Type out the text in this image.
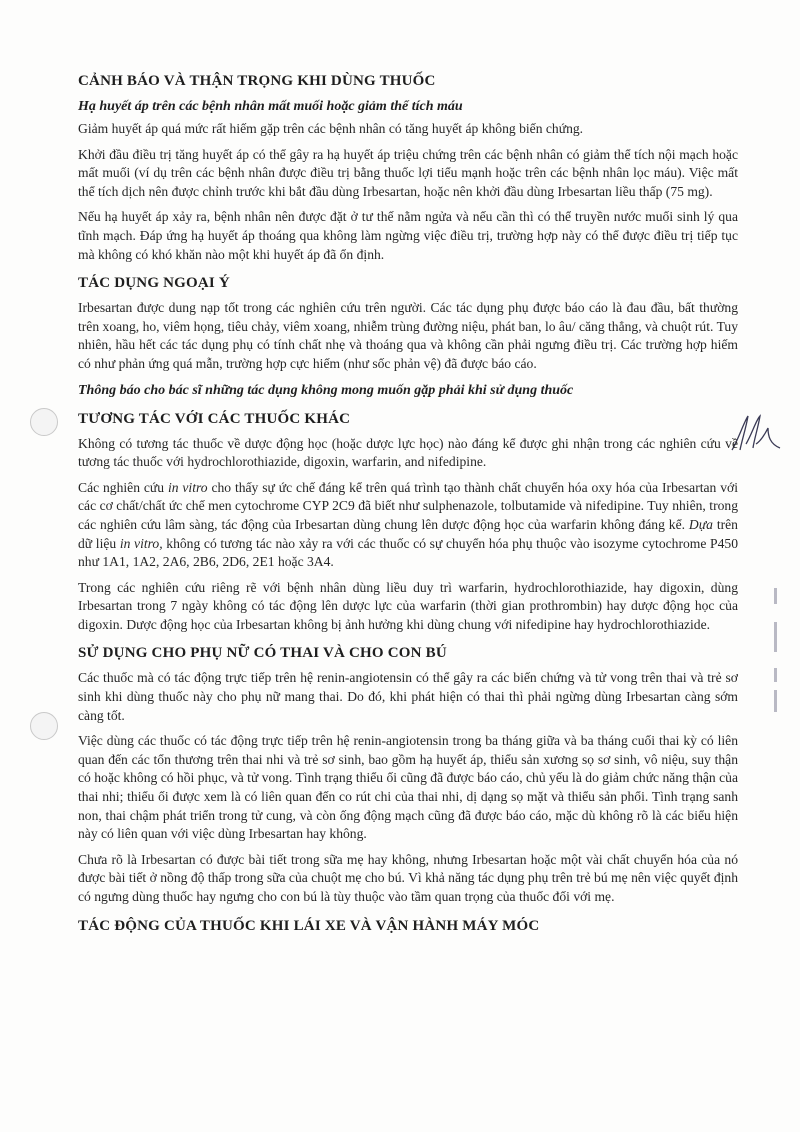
CẢNH BÁO VÀ THẬN TRỌNG KHI DÙNG THUỐC
Hạ huyết áp trên các bệnh nhân mất muối hoặc giảm thể tích máu

Giảm huyết áp quá mức rất hiếm gặp trên các bệnh nhân có tăng huyết áp không biến chứng.

Khởi đầu điều trị tăng huyết áp có thể gây ra hạ huyết áp triệu chứng trên các bệnh nhân có giảm thể tích nội mạch hoặc mất muối (ví dụ trên các bệnh nhân được điều trị bằng thuốc lợi tiểu mạnh hoặc trên các bệnh nhân lọc máu). Việc mất thể tích dịch nên được chỉnh trước khi bắt đầu dùng Irbesartan, hoặc nên khởi đầu dùng Irbesartan liều thấp (75 mg).

Nếu hạ huyết áp xảy ra, bệnh nhân nên được đặt ở tư thế nằm ngửa và nếu cần thì có thể truyền nước muối sinh lý qua tĩnh mạch. Đáp ứng hạ huyết áp thoáng qua không làm ngừng việc điều trị, trường hợp này có thể được điều trị tiếp tục mà không có khó khăn nào một khi huyết áp đã ổn định.

TÁC DỤNG NGOẠI Ý

Irbesartan được dung nạp tốt trong các nghiên cứu trên người. Các tác dụng phụ được báo cáo là đau đầu, bất thường trên xoang, ho, viêm họng, tiêu chảy, viêm xoang, nhiễm trùng đường niệu, phát ban, lo âu/ căng thẳng, và chuột rút. Tuy nhiên, hầu hết các tác dụng phụ có tính chất nhẹ và thoáng qua và không cần phải ngưng điều trị. Các trường hợp hiếm có như phản ứng quá mẫn, trường hợp cực hiếm (như sốc phản vệ) đã được báo cáo.

Thông báo cho bác sĩ những tác dụng không mong muốn gặp phải khi sử dụng thuốc
TƯƠNG TÁC VỚI CÁC THUỐC KHÁC

Không có tương tác thuốc về dược động học (hoặc dược lực học) nào đáng kể được ghi nhận trong các nghiên cứu về tương tác thuốc với hydrochlorothiazide, digoxin, warfarin, and nifedipine.

Các nghiên cứu in vitro cho thấy sự ức chế đáng kể trên quá trình tạo thành chất chuyển hóa oxy hóa của Irbesartan với các cơ chất/chất ức chế men cytochrome CYP 2C9 đã biết như sulphenazole, tolbutamide và nifedipine. Tuy nhiên, trong các nghiên cứu lâm sàng, tác động của Irbesartan dùng chung lên dược động học của warfarin không đáng kể. Dựa trên dữ liệu in vitro, không có tương tác nào xảy ra với các thuốc có sự chuyển hóa phụ thuộc vào isozyme cytochrome P450 như 1A1, 1A2, 2A6, 2B6, 2D6, 2E1 hoặc 3A4.

Trong các nghiên cứu riêng rẽ với bệnh nhân dùng liều duy trì warfarin, hydrochlorothiazide, hay digoxin, dùng Irbesartan trong 7 ngày không có tác động lên dược lực của warfarin (thời gian prothrombin) hay dược động học của digoxin. Dược động học của Irbesartan không bị ảnh hưởng khi dùng chung với nifedipine hay hydrochlorothiazide.

SỬ DỤNG CHO PHỤ NỮ CÓ THAI VÀ CHO CON BÚ

Các thuốc mà có tác động trực tiếp trên hệ renin-angiotensin có thể gây ra các biến chứng và tử vong trên thai và trẻ sơ sinh khi dùng thuốc này cho phụ nữ mang thai. Do đó, khi phát hiện có thai thì phải ngừng dùng Irbesartan càng sớm càng tốt.

Việc dùng các thuốc có tác động trực tiếp trên hệ renin-angiotensin trong ba tháng giữa và ba tháng cuối thai kỳ có liên quan đến các tổn thương trên thai nhi và trẻ sơ sinh, bao gồm hạ huyết áp, thiểu sản xương sọ sơ sinh, vô niệu, suy thận có hoặc không có hồi phục, và tử vong. Tình trạng thiểu ối cũng đã được báo cáo, chủ yếu là do giảm chức năng thận của thai nhi; thiểu ối được xem là có liên quan đến co rút chi của thai nhi, dị dạng sọ mặt và thiểu sản phổi. Tình trạng sanh non, thai chậm phát triển trong tử cung, và còn ống động mạch cũng đã được báo cáo, mặc dù không rõ là các biểu hiện này có liên quan với việc dùng Irbesartan hay không.

Chưa rõ là Irbesartan có được bài tiết trong sữa mẹ hay không, nhưng Irbesartan hoặc một vài chất chuyển hóa của nó được bài tiết ở nồng độ thấp trong sữa của chuột mẹ cho bú. Vì khả năng tác dụng phụ trên trẻ bú mẹ nên việc quyết định có ngưng dùng thuốc hay ngưng cho con bú là tùy thuộc vào tầm quan trọng của thuốc đối với mẹ.

TÁC ĐỘNG CỦA THUỐC KHI LÁI XE VÀ VẬN HÀNH MÁY MÓC
